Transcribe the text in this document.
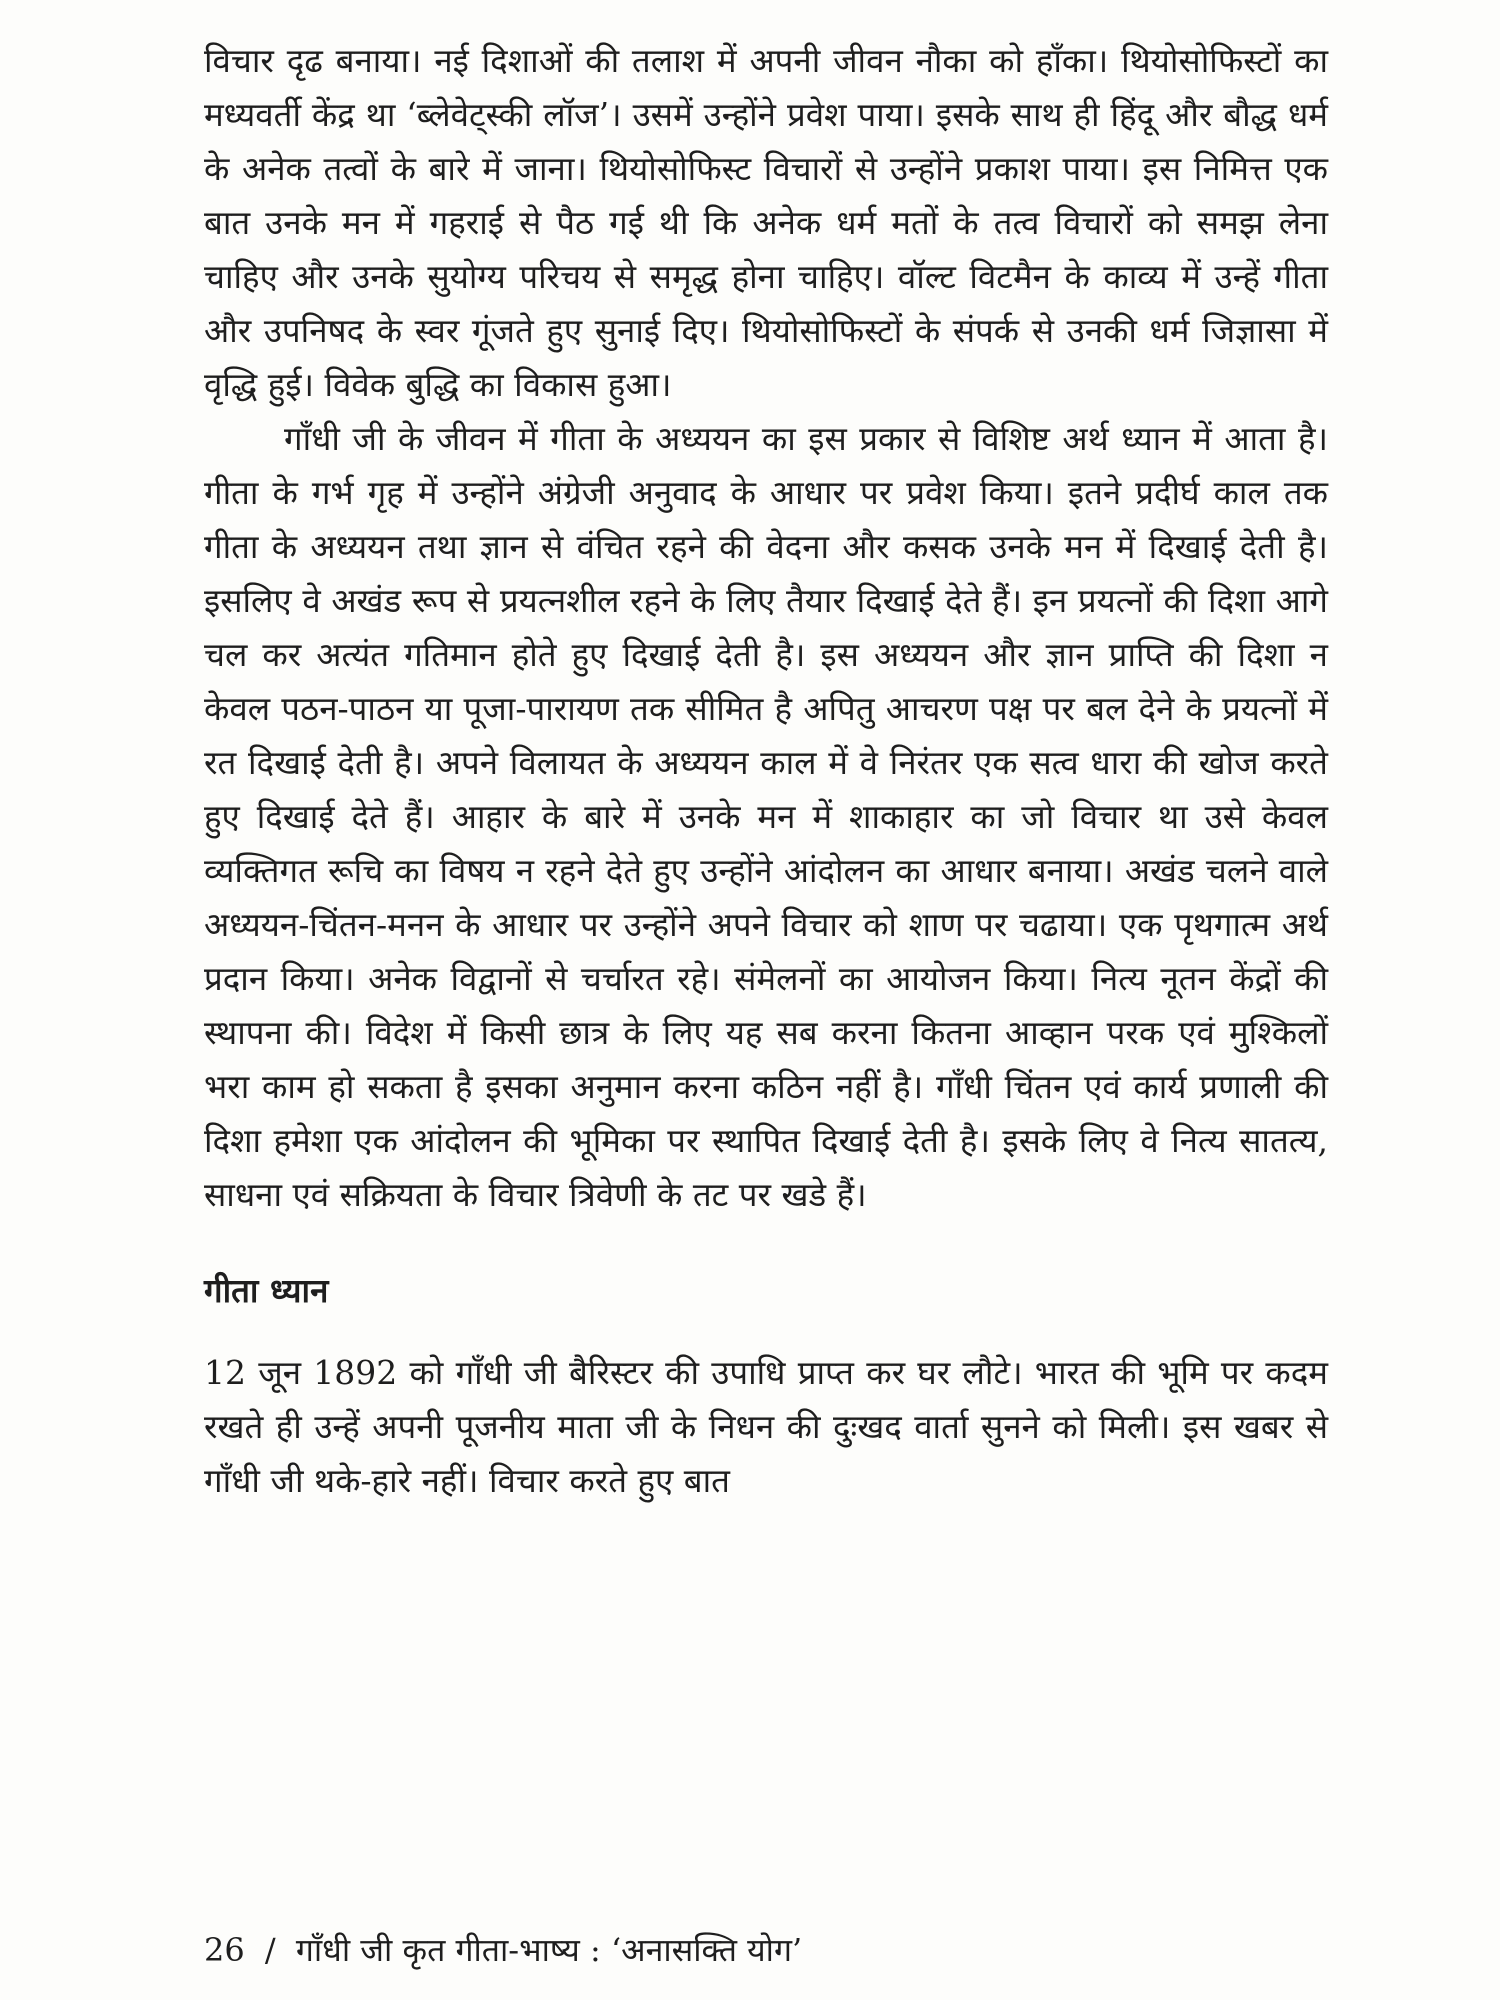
विचार दृढ बनाया। नई दिशाओं की तलाश में अपनी जीवन नौका को हाँका। थियोसोफिस्टों का मध्यवर्ती केंद्र था ‘ब्लेवेट्स्की लॉज’। उसमें उन्होंने प्रवेश पाया। इसके साथ ही हिंदू और बौद्ध धर्म के अनेक तत्वों के बारे में जाना। थियोसोफिस्ट विचारों से उन्होंने प्रकाश पाया। इस निमित्त एक बात उनके मन में गहराई से पैठ गई थी कि अनेक धर्म मतों के तत्व विचारों को समझ लेना चाहिए और उनके सुयोग्य परिचय से समृद्ध होना चाहिए। वॉल्ट विटमैन के काव्य में उन्हें गीता और उपनिषद के स्वर गूंजते हुए सुनाई दिए। थियोसोफिस्टों के संपर्क से उनकी धर्म जिज्ञासा में वृद्धि हुई। विवेक बुद्धि का विकास हुआ।

गाँधी जी के जीवन में गीता के अध्ययन का इस प्रकार से विशिष्ट अर्थ ध्यान में आता है। गीता के गर्भ गृह में उन्होंने अंग्रेजी अनुवाद के आधार पर प्रवेश किया। इतने प्रदीर्घ काल तक गीता के अध्ययन तथा ज्ञान से वंचित रहने की वेदना और कसक उनके मन में दिखाई देती है। इसलिए वे अखंड रूप से प्रयत्नशील रहने के लिए तैयार दिखाई देते हैं। इन प्रयत्नों की दिशा आगे चल कर अत्यंत गतिमान होते हुए दिखाई देती है। इस अध्ययन और ज्ञान प्राप्ति की दिशा न केवल पठन-पाठन या पूजा-पारायण तक सीमित है अपितु आचरण पक्ष पर बल देने के प्रयत्नों में रत दिखाई देती है। अपने विलायत के अध्ययन काल में वे निरंतर एक सत्व धारा की खोज करते हुए दिखाई देते हैं। आहार के बारे में उनके मन में शाकाहार का जो विचार था उसे केवल व्यक्तिगत रूचि का विषय न रहने देते हुए उन्होंने आंदोलन का आधार बनाया। अखंड चलने वाले अध्ययन-चिंतन-मनन के आधार पर उन्होंने अपने विचार को शाण पर चढाया। एक पृथगात्म अर्थ प्रदान किया। अनेक विद्वानों से चर्चारत रहे। संमेलनों का आयोजन किया। नित्य नूतन केंद्रों की स्थापना की। विदेश में किसी छात्र के लिए यह सब करना कितना आव्हान परक एवं मुश्किलों भरा काम हो सकता है इसका अनुमान करना कठिन नहीं है। गाँधी चिंतन एवं कार्य प्रणाली की दिशा हमेशा एक आंदोलन की भूमिका पर स्थापित दिखाई देती है। इसके लिए वे नित्य सातत्य, साधना एवं सक्रियता के विचार त्रिवेणी के तट पर खडे हैं।

गीता ध्यान

12 जून 1892 को गाँधी जी बैरिस्टर की उपाधि प्राप्त कर घर लौटे। भारत की भूमि पर कदम रखते ही उन्हें अपनी पूजनीय माता जी के निधन की दुःखद वार्ता सुनने को मिली। इस खबर से गाँधी जी थके-हारे नहीं। विचार करते हुए बात

26 / गाँधी जी कृत गीता-भाष्य : ‘अनासक्ति योग’
